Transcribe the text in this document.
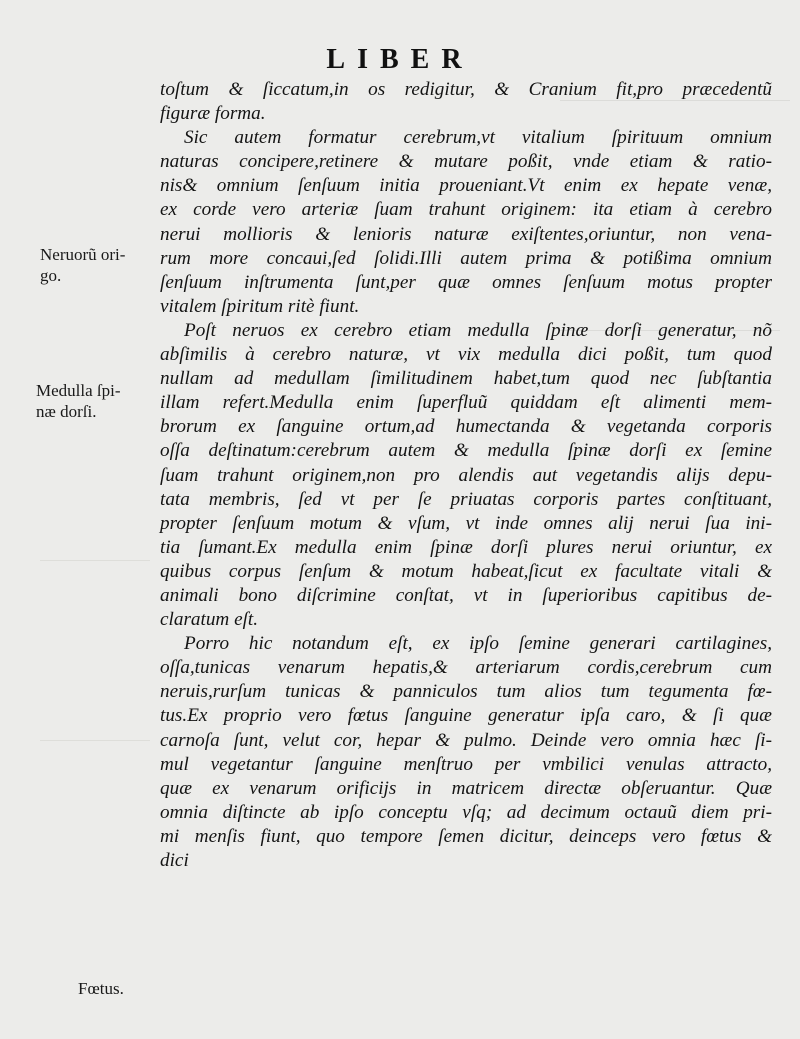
LIBER
Neruorũ ori-
go.
Medulla ſpi-
næ dorſi.
Fœtus.
toſtum & ſiccatum,in os redigitur, & Cranium fit,pro præcedentũ
figuræ forma.
Sic autem formatur cerebrum,vt vitalium ſpirituum omnium
naturas concipere,retinere & mutare poßit, vnde etiam & ratio-
nis& omnium ſenſuum initia proueniant.Vt enim ex hepate venæ,
ex corde vero arteriæ ſuam trahunt originem: ita etiam à cerebro
nerui mollioris & lenioris naturæ exiſtentes,oriuntur, non vena-
rum more concaui,ſed ſolidi.Illi autem prima & potißima omnium
ſenſuum inſtrumenta ſunt,per quæ omnes ſenſuum motus propter
vitalem ſpiritum ritè fiunt.
Poſt neruos ex cerebro etiam medulla ſpinæ dorſi generatur, nõ
abſimilis à cerebro naturæ, vt vix medulla dici poßit, tum quod
nullam ad medullam ſimilitudinem habet,tum quod nec ſubſtantia
illam refert.Medulla enim ſuperfluũ quiddam eſt alimenti mem-
brorum ex ſanguine ortum,ad humectanda & vegetanda corporis
oſſa deſtinatum:cerebrum autem & medulla ſpinæ dorſi ex ſemine
ſuam trahunt originem,non pro alendis aut vegetandis alijs depu-
tata membris, ſed vt per ſe priuatas corporis partes conſtituant,
propter ſenſuum motum & vſum, vt inde omnes alij nerui ſua ini-
tia ſumant.Ex medulla enim ſpinæ dorſi plures nerui oriuntur, ex
quibus corpus ſenſum & motum habeat,ſicut ex facultate vitali &
animali bono diſcrimine conſtat, vt in ſuperioribus capitibus de-
claratum eſt.
Porro hic notandum eſt, ex ipſo ſemine generari cartilagines,
oſſa,tunicas venarum hepatis,& arteriarum cordis,cerebrum cum
neruis,rurſum tunicas & panniculos tum alios tum tegumenta fœ-
tus.Ex proprio vero fœtus ſanguine generatur ipſa caro, & ſi quæ
carnoſa ſunt, velut cor, hepar & pulmo. Deinde vero omnia hæc ſi-
mul vegetantur ſanguine menſtruo per vmbilici venulas attracto,
quæ ex venarum orificijs in matricem directæ obſeruantur. Quæ
omnia diſtincte ab ipſo conceptu vſq; ad decimum octauũ diem pri-
mi menſis fiunt, quo tempore ſemen dicitur, deinceps vero fœtus &
dici
